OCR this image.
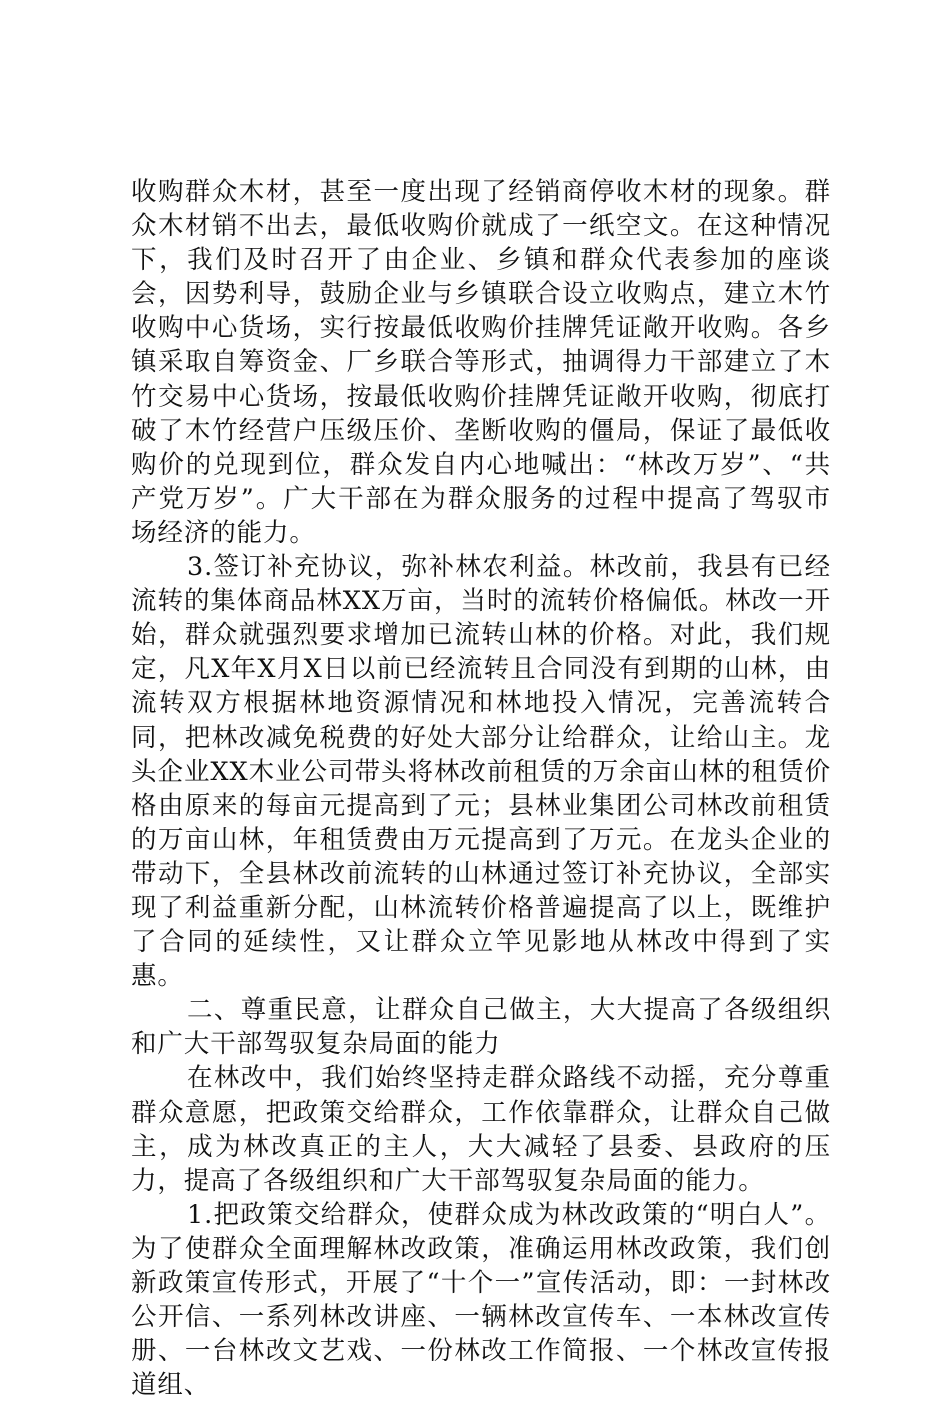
收购群众木材，甚至一度出现了经销商停收木材的现象。群众木材销不出去，最低收购价就成了一纸空文。在这种情况下，我们及时召开了由企业、乡镇和群众代表参加的座谈会，因势利导，鼓励企业与乡镇联合设立收购点，建立木竹收购中心货场，实行按最低收购价挂牌凭证敞开收购。各乡镇采取自筹资金、厂乡联合等形式，抽调得力干部建立了木竹交易中心货场，按最低收购价挂牌凭证敞开收购，彻底打破了木竹经营户压级压价、垄断收购的僵局，保证了最低收购价的兑现到位，群众发自内心地喊出：“林改万岁”、“共产党万岁”。广大干部在为群众服务的过程中提高了驾驭市场经济的能力。

3.签订补充协议，弥补林农利益。林改前，我县有已经流转的集体商品林XX万亩，当时的流转价格偏低。林改一开始，群众就强烈要求增加已流转山林的价格。对此，我们规定，凡X年X月X日以前已经流转且合同没有到期的山林，由流转双方根据林地资源情况和林地投入情况，完善流转合同，把林改减免税费的好处大部分让给群众，让给山主。龙头企业XX木业公司带头将林改前租赁的万余亩山林的租赁价格由原来的每亩元提高到了元；县林业集团公司林改前租赁的万亩山林，年租赁费由万元提高到了万元。在龙头企业的带动下，全县林改前流转的山林通过签订补充协议，全部实现了利益重新分配，山林流转价格普遍提高了以上，既维护了合同的延续性，又让群众立竿见影地从林改中得到了实惠。

二、尊重民意，让群众自己做主，大大提高了各级组织和广大干部驾驭复杂局面的能力

在林改中，我们始终坚持走群众路线不动摇，充分尊重群众意愿，把政策交给群众，工作依靠群众，让群众自己做主，成为林改真正的主人，大大减轻了县委、县政府的压力，提高了各级组织和广大干部驾驭复杂局面的能力。

1.把政策交给群众，使群众成为林改政策的“明白人”。为了使群众全面理解林改政策，准确运用林改政策，我们创新政策宣传形式，开展了“十个一”宣传活动，即：一封林改公开信、一系列林改讲座、一辆林改宣传车、一本林改宣传册、一台林改文艺戏、一份林改工作简报、一个林改宣传报道组、
